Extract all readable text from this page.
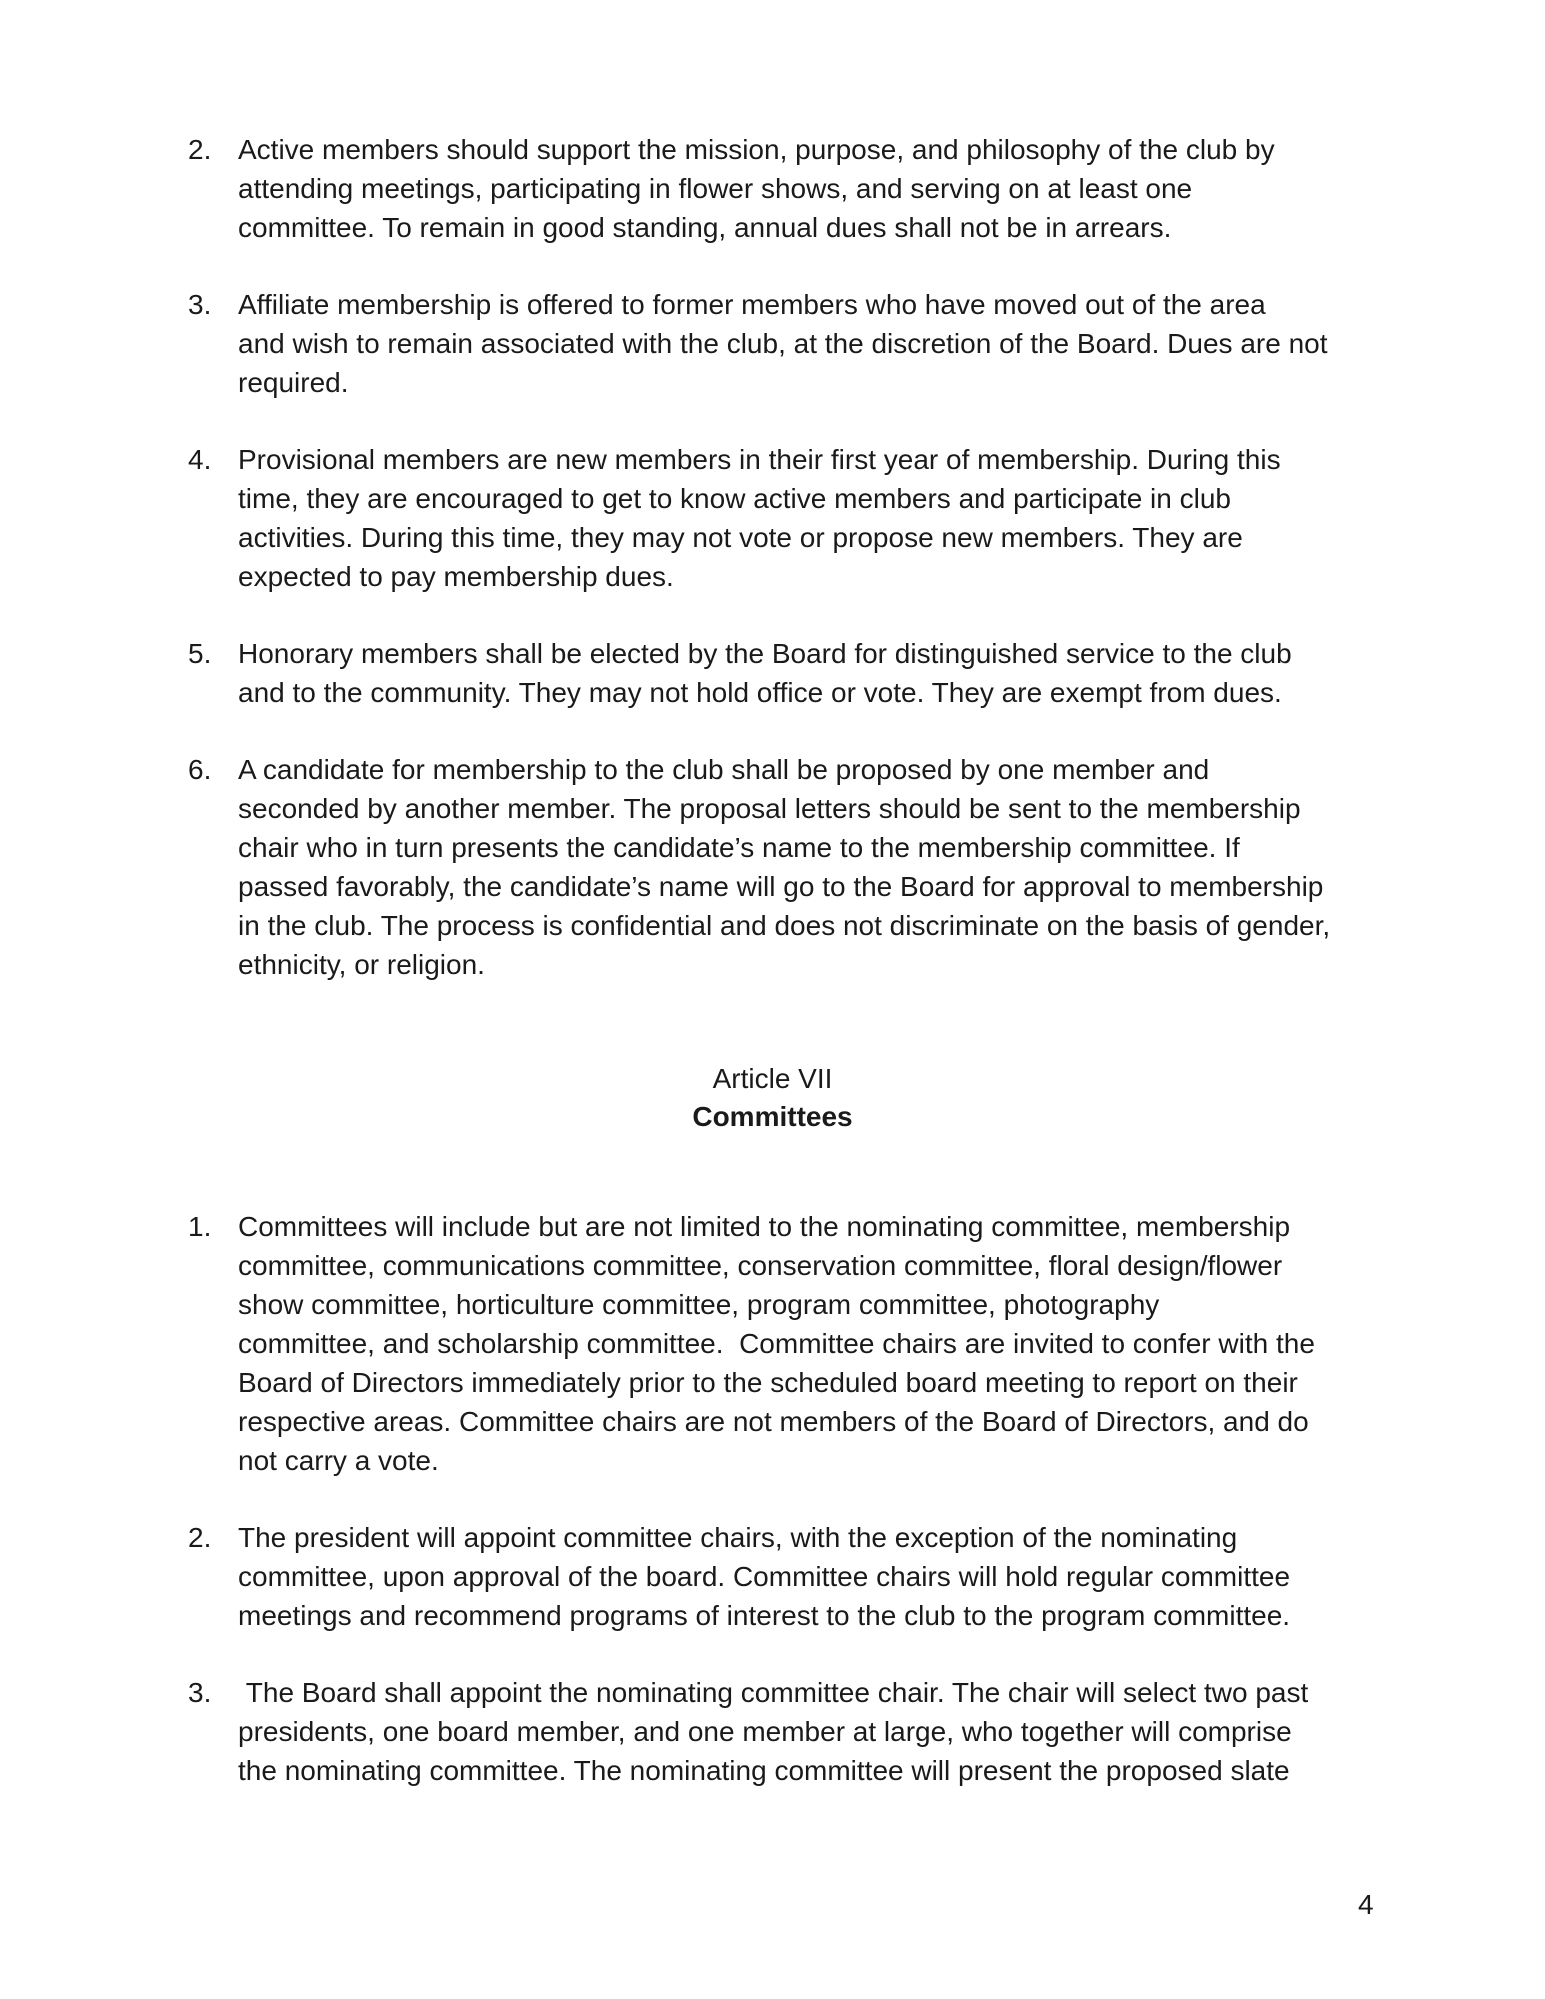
2. Active members should support the mission, purpose, and philosophy of the club by
attending meetings, participating in flower shows, and serving on at least one
committee. To remain in good standing, annual dues shall not be in arrears.
3. Affiliate membership is offered to former members who have moved out of the area
and wish to remain associated with the club, at the discretion of the Board. Dues are not
required.
4. Provisional members are new members in their first year of membership. During this
time, they are encouraged to get to know active members and participate in club
activities. During this time, they may not vote or propose new members. They are
expected to pay membership dues.
5. Honorary members shall be elected by the Board for distinguished service to the club
and to the community. They may not hold office or vote. They are exempt from dues.
6. A candidate for membership to the club shall be proposed by one member and
seconded by another member. The proposal letters should be sent to the membership
chair who in turn presents the candidate’s name to the membership committee. If
passed favorably, the candidate’s name will go to the Board for approval to membership
in the club. The process is confidential and does not discriminate on the basis of gender,
ethnicity, or religion.
Article VII
Committees
1. Committees will include but are not limited to the nominating committee, membership
committee, communications committee, conservation committee, floral design/flower
show committee, horticulture committee, program committee, photography
committee, and scholarship committee.  Committee chairs are invited to confer with the
Board of Directors immediately prior to the scheduled board meeting to report on their
respective areas. Committee chairs are not members of the Board of Directors, and do
not carry a vote.
2. The president will appoint committee chairs, with the exception of the nominating
committee, upon approval of the board. Committee chairs will hold regular committee
meetings and recommend programs of interest to the club to the program committee.
3. The Board shall appoint the nominating committee chair. The chair will select two past
presidents, one board member, and one member at large, who together will comprise
the nominating committee. The nominating committee will present the proposed slate
4
